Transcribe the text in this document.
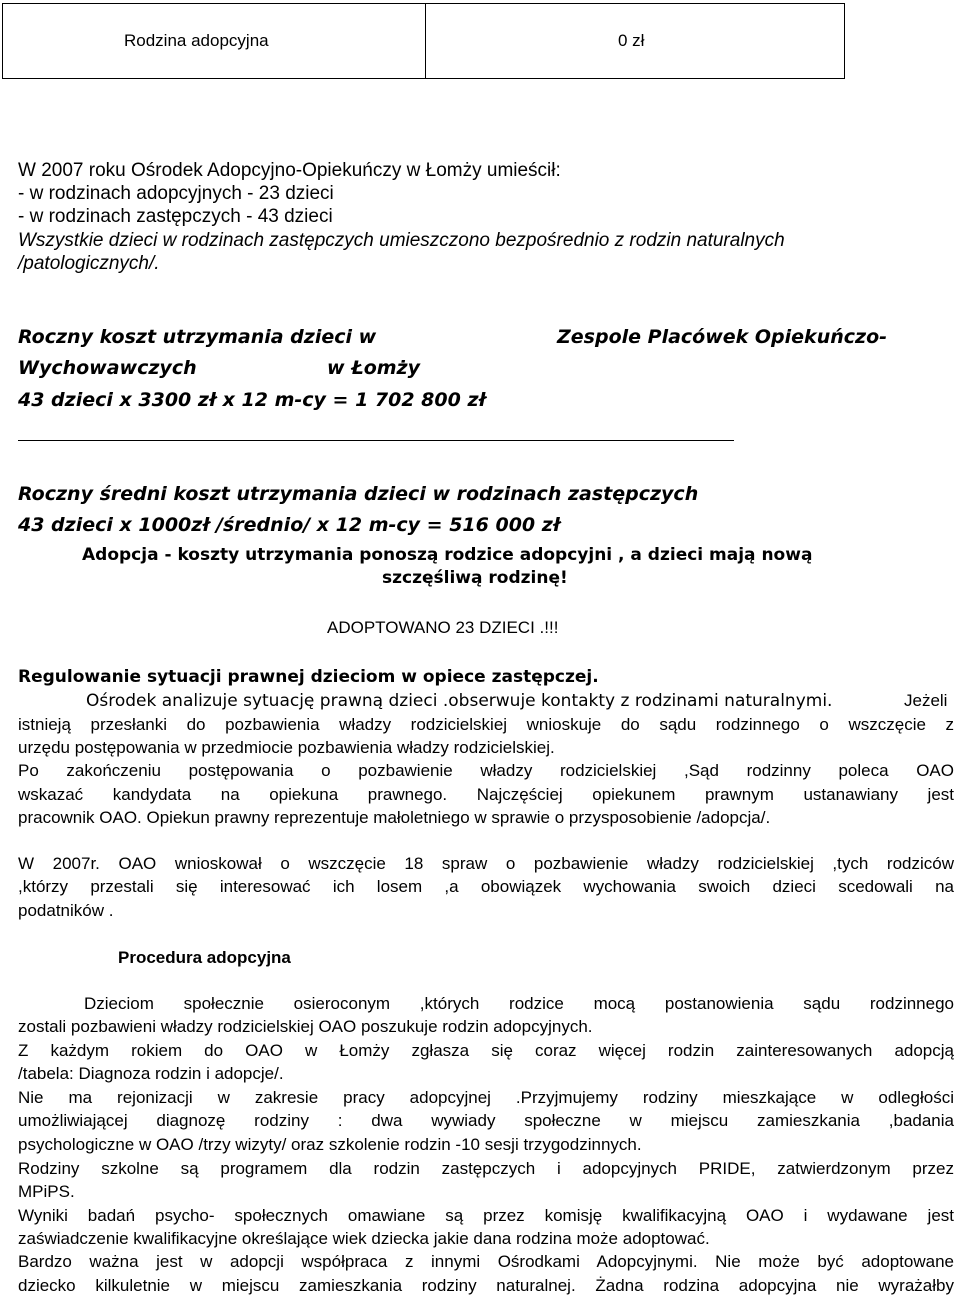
Rodzina adopcyjna	0 zł
W 2007 roku Ośrodek Adopcyjno-Opiekuńczy w Łomży umieścił:
- w rodzinach adopcyjnych - 23 dzieci
- w rodzinach zastępczych - 43 dzieci
Wszystkie dzieci w rodzinach zastępczych umieszczono bezpośrednio z rodzin naturalnych
/patologicznych/.
Roczny koszt utrzymania dzieci w	Zespole Placówek Opiekuńczo-
Wychowawczych	w Łomży
43 dzieci x 3300 zł x 12 m-cy = 1 702 800 zł
Roczny średni koszt utrzymania dzieci w rodzinach zastępczych
43 dzieci x 1000zł /średnio/ x 12 m-cy = 516 000 zł
Adopcja - koszty utrzymania ponoszą rodzice adopcyjni , a dzieci mają nową
szczęśliwą rodzinę!
ADOPTOWANO 23 DZIECI .!!!
Regulowanie sytuacji prawnej dzieciom w opiece zastępczej.
Ośrodek analizuje sytuację prawną dzieci .obserwuje kontakty z rodzinami naturalnymi.	Jeżeli
istnieją przesłanki do pozbawienia władzy rodzicielskiej wnioskuje do sądu rodzinnego o wszczęcie z
urzędu postępowania w przedmiocie pozbawienia władzy rodzicielskiej.
Po zakończeniu postępowania o pozbawienie władzy rodzicielskiej ,Sąd rodzinny poleca OAO
wskazać kandydata na opiekuna prawnego. Najczęściej opiekunem prawnym ustanawiany jest
pracownik OAO. Opiekun prawny reprezentuje małoletniego w sprawie o przysposobienie /adopcja/.
W 2007r. OAO wnioskował o wszczęcie 18 spraw o pozbawienie władzy rodzicielskiej ,tych rodziców
,którzy przestali się interesować ich losem ,a obowiązek wychowania swoich dzieci scedowali na
podatników .
Procedura adopcyjna
Dzieciom społecznie osieroconym ,których rodzice mocą postanowienia sądu rodzinnego
zostali pozbawieni władzy rodzicielskiej OAO poszukuje rodzin adopcyjnych.
Z każdym rokiem do OAO w Łomży zgłasza się coraz więcej rodzin zainteresowanych adopcją
/tabela: Diagnoza rodzin i adopcje/.
Nie ma rejonizacji w zakresie pracy adopcyjnej .Przyjmujemy rodziny mieszkające w odległości
umożliwiającej diagnozę rodziny : dwa wywiady społeczne w miejscu zamieszkania ,badania
psychologiczne w OAO /trzy wizyty/ oraz szkolenie rodzin -10 sesji trzygodzinnych.
Rodziny szkolne są programem dla rodzin zastępczych i adopcyjnych PRIDE, zatwierdzonym przez
MPiPS.
Wyniki badań psycho- społecznych omawiane są przez komisję kwalifikacyjną OAO i wydawane jest
zaświadczenie kwalifikacyjne określające wiek dziecka jakie dana rodzina może adoptować.
Bardzo ważna jest w adopcji współpraca z innymi Ośrodkami Adopcyjnymi. Nie może być adoptowane
dziecko kilkuletnie w miejscu zamieszkania rodziny naturalnej. Żadna rodzina adopcyjna nie wyrażałby
